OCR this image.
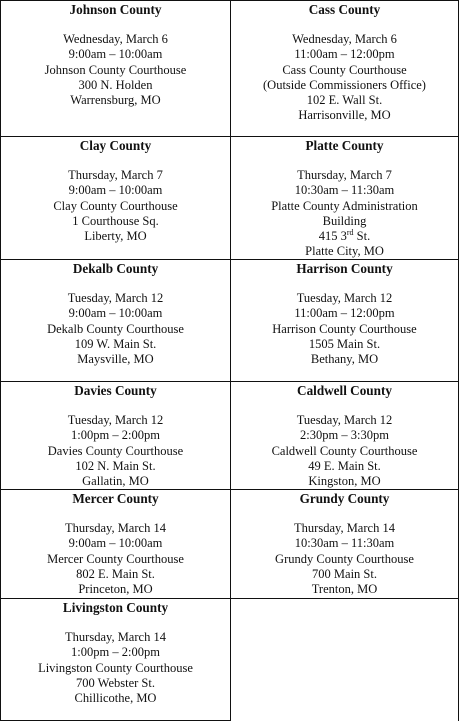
Johnson County
Wednesday, March 6
9:00am – 10:00am
Johnson County Courthouse
300 N. Holden
Warrensburg, MO
Cass County
Wednesday, March 6
11:00am – 12:00pm
Cass County Courthouse
(Outside Commissioners Office)
102 E. Wall St.
Harrisonville, MO
Clay County
Thursday, March 7
9:00am – 10:00am
Clay County Courthouse
1 Courthouse Sq.
Liberty, MO
Platte County
Thursday, March 7
10:30am – 11:30am
Platte County Administration
Building
415 3rd St.
Platte City, MO
Dekalb County
Tuesday, March 12
9:00am – 10:00am
Dekalb County Courthouse
109 W. Main St.
Maysville, MO
Harrison County
Tuesday, March 12
11:00am – 12:00pm
Harrison County Courthouse
1505 Main St.
Bethany, MO
Davies County
Tuesday, March 12
1:00pm – 2:00pm
Davies County Courthouse
102 N. Main St.
Gallatin, MO
Caldwell County
Tuesday, March 12
2:30pm – 3:30pm
Caldwell County Courthouse
49 E. Main St.
Kingston, MO
Mercer County
Thursday, March 14
9:00am – 10:00am
Mercer County Courthouse
802 E. Main St.
Princeton, MO
Grundy County
Thursday, March 14
10:30am – 11:30am
Grundy County Courthouse
700 Main St.
Trenton, MO
Livingston County
Thursday, March 14
1:00pm – 2:00pm
Livingston County Courthouse
700 Webster St.
Chillicothe, MO
